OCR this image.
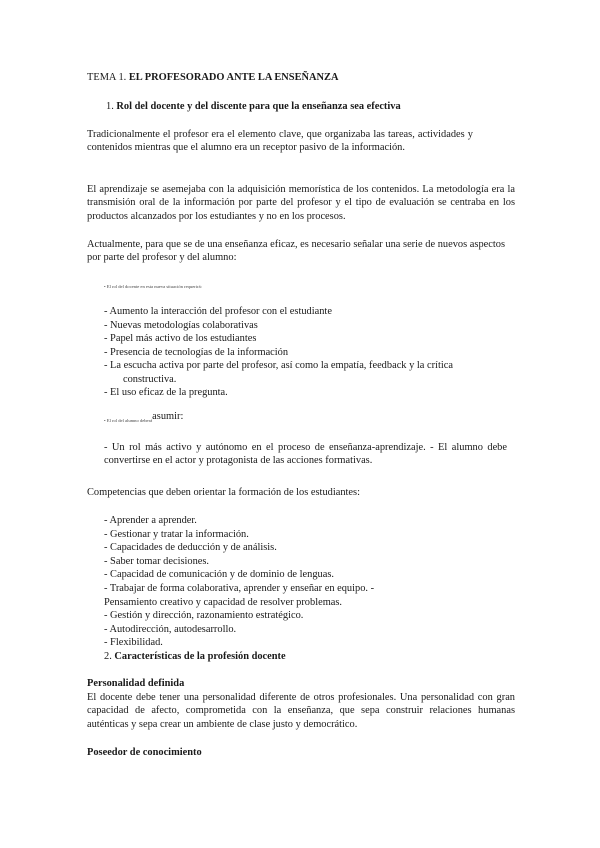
TEMA 1. EL PROFESORADO ANTE LA ENSEÑANZA
1. Rol del docente y del discente para que la enseñanza sea efectiva
Tradicionalmente el profesor era el elemento clave, que organizaba las tareas, actividades y contenidos mientras que el alumno era un receptor pasivo de la información.
El aprendizaje se asemejaba con la adquisición memorística de los contenidos. La metodología era la transmisión oral de la información por parte del profesor y el tipo de evaluación se centraba en los productos alcanzados por los estudiantes y no en los procesos.
Actualmente, para que se de una enseñanza eficaz, es necesario señalar una serie de nuevos aspectos por parte del profesor y del alumno:
• El rol del docente en esta nueva situación requerirá:
- Aumento la interacción del profesor con el estudiante
- Nuevas metodologías colaborativas
- Papel más activo de los estudiantes
- Presencia de tecnologías de la información
- La escucha activa por parte del profesor, así como la empatía, feedback y la crítica constructiva.
- El uso eficaz de la pregunta.
• El rol del alumno deberáasumir:
- Un rol más activo y autónomo en el proceso de enseñanza-aprendizaje. - El alumno debe convertirse en el actor y protagonista de las acciones formativas.
Competencias que deben orientar la formación de los estudiantes:
- Aprender a aprender.
- Gestionar y tratar la información.
- Capacidades de deducción y de análisis.
- Saber tomar decisiones.
- Capacidad de comunicación y de dominio de lenguas.
- Trabajar de forma colaborativa, aprender y enseñar en equipo. -
Pensamiento creativo y capacidad de resolver problemas.
- Gestión y dirección, razonamiento estratégico.
- Autodirección, autodesarrollo.
- Flexibilidad.
2. Características de la profesión docente
Personalidad definida
El docente debe tener una personalidad diferente de otros profesionales. Una personalidad con gran capacidad de afecto, comprometida con la enseñanza, que sepa construir relaciones humanas auténticas y sepa crear un ambiente de clase justo y democrático.
Poseedor de conocimiento
